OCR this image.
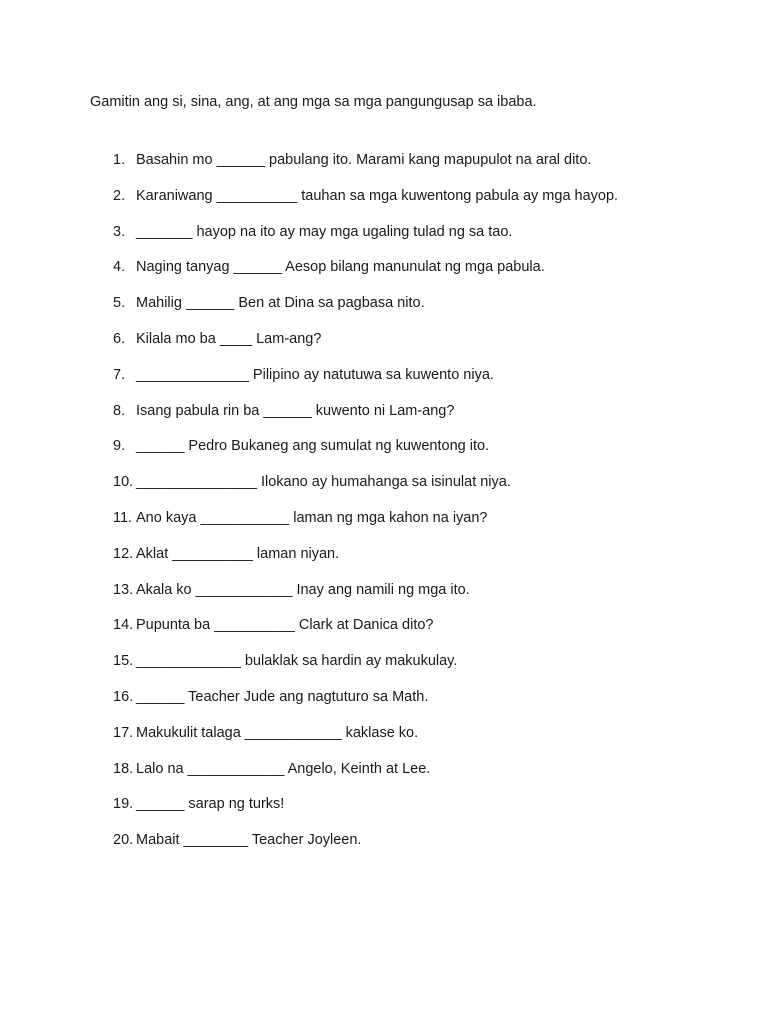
Gamitin ang si, sina, ang, at ang mga sa mga pangungusap sa ibaba.
1. Basahin mo ______ pabulang ito. Marami kang mapupulot na aral dito.
2. Karaniwang __________ tauhan sa mga kuwentong pabula ay mga hayop.
3. _______ hayop na ito ay may mga ugaling tulad ng sa tao.
4. Naging tanyag ______ Aesop bilang manunulat ng mga pabula.
5. Mahilig ______ Ben at Dina sa pagbasa nito.
6. Kilala mo ba ____ Lam-ang?
7. ______________ Pilipino ay natutuwa sa kuwento niya.
8. Isang pabula rin ba ______ kuwento ni Lam-ang?
9. ______ Pedro Bukaneg ang sumulat ng kuwentong ito.
10. _______________ Ilokano ay humahanga sa isinulat niya.
11. Ano kaya ___________ laman ng mga kahon na iyan?
12. Aklat __________ laman niyan.
13. Akala ko ____________ Inay ang namili ng mga ito.
14. Pupunta ba __________ Clark at Danica dito?
15. _____________ bulaklak sa hardin ay makukulay.
16. ______ Teacher Jude ang nagtuturo sa Math.
17. Makukulit talaga ____________ kaklase ko.
18. Lalo na ____________ Angelo, Keinth at Lee.
19. ______ sarap ng turks!
20. Mabait ________ Teacher Joyleen.
